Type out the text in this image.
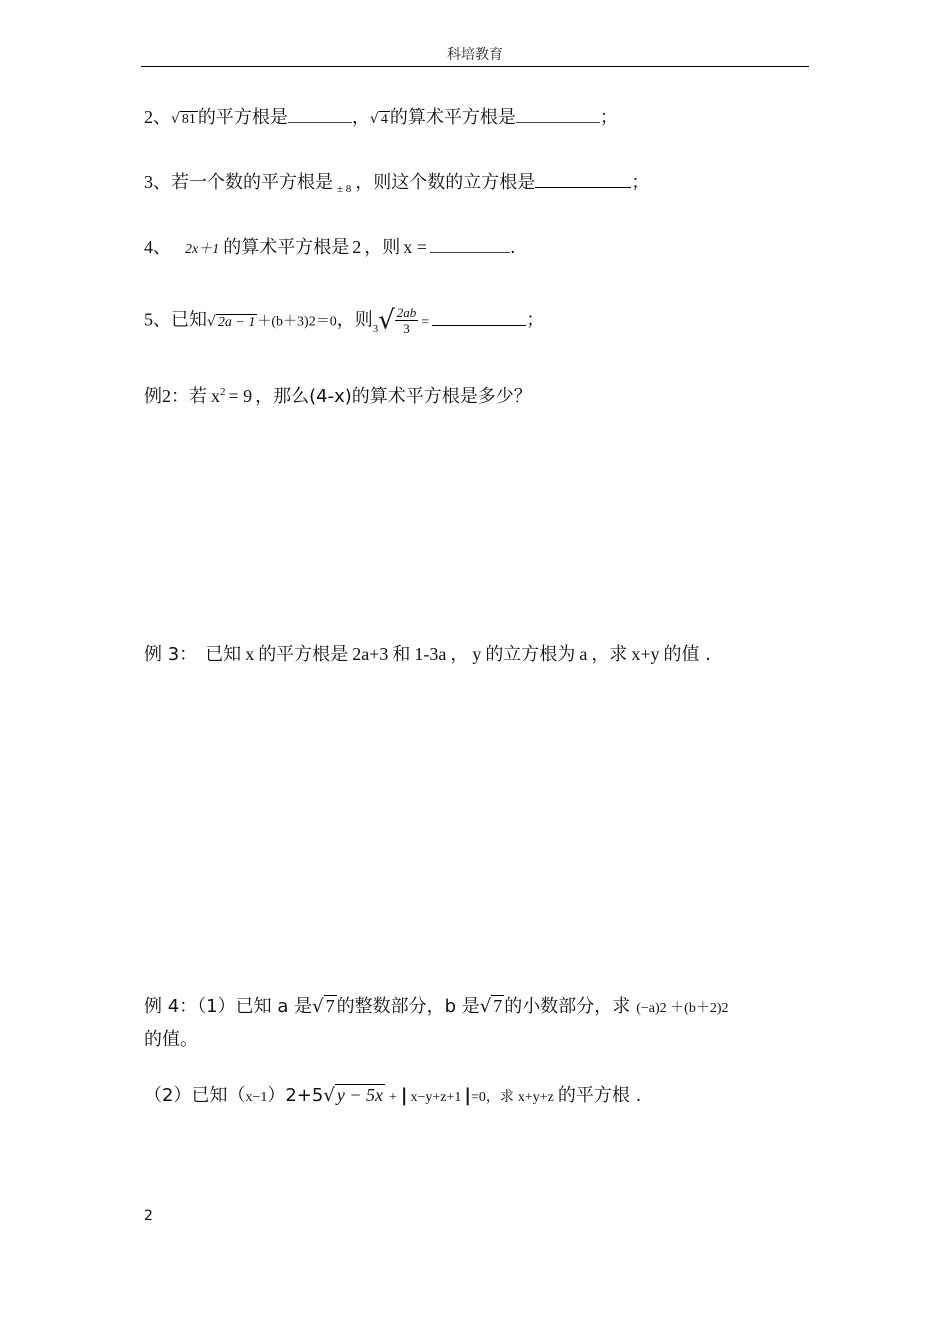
科培教育
2、√ 81 的平方根是	，√ 4 的算术平方根是	；
3、若一个数的平方根是 $_{\pm 8}$ ，则这个数的立方根是	；
4、 2x＋1 的算术平方根是 2 ，则 x =	.
5、已知√ 2a − 1 ＋(b＋3)2＝0，则$_3√ \frac{2ab}{3}$ =	；
例2：若 $x^2 = 9$ ，那么(4-x)的算术平方根是多少？
例 3： 已知 x 的平方根是 2a+3 和 1-3a ， y 的立方根为 a ，求 x+y 的值 .
例 4：（1）已知 a 是√ 7 的整数部分，b 是√ 7 的小数部分，求 (−a)2 ＋(b＋2)2
的值。
（2）已知（x−1）2+5√ y − 5x + | x−y+z+1 |=0，求 x+y+z 的平方根 .
2
